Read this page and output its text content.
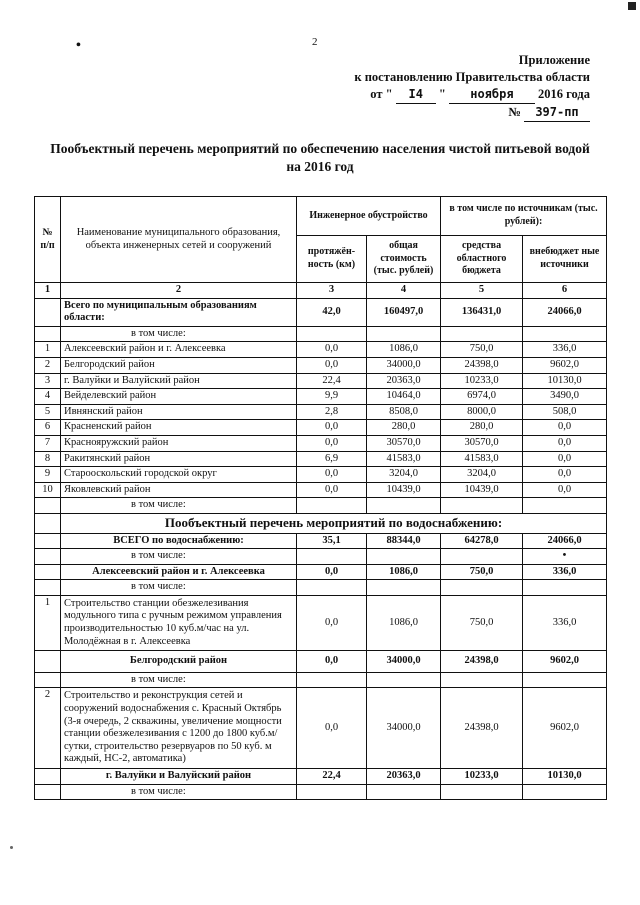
•	2
Приложение
к постановлению Правительства области
от " I4 " ноября 2016 года
№ 397-пп
Пообъектный перечень мероприятий по обеспечению населения чистой питьевой водой
на 2016 год
№ п/п	Наименование муниципального образования, объекта инженерных сетей и сооружений	Инженерное обустройство		в том числе по источникам (тыс. рублей):	
		протяжён- ность (км)	общая стоимость (тыс. рублей)	средства областного бюджета	внебюджет ные источники
1	2	3	4	5	6
	Всего по муниципальным образованиям области:	42,0	160497,0	136431,0	24066,0
	в том числе:				
1	Алексеевский район и г. Алексеевка	0,0	1086,0	750,0	336,0
2	Белгородский район	0,0	34000,0	24398,0	9602,0
3	г. Валуйки и Валуйский район	22,4	20363,0	10233,0	10130,0
4	Вейделевский район	9,9	10464,0	6974,0	3490,0
5	Ивнянский район	2,8	8508,0	8000,0	508,0
6	Красненский район	0,0	280,0	280,0	0,0
7	Краснояружский район	0,0	30570,0	30570,0	0,0
8	Ракитянский район	6,9	41583,0	41583,0	0,0
9	Старооскольский городской округ	0,0	3204,0	3204,0	0,0
10	Яковлевский район	0,0	10439,0	10439,0	0,0
	в том числе:				
	Пообъектный перечень мероприятий по водоснабжению:				
	ВСЕГО по водоснабжению:	35,1	88344,0	64278,0	24066,0
	в том числе:				•
	Алексеевский район и г. Алексеевка	0,0	1086,0	750,0	336,0
	в том числе:				
1	Строительство станции обезжелезивания модульного типа с ручным режимом управления производительностью 10 куб.м/час на ул. Молодёжная в г. Алексеевка	0,0	1086,0	750,0	336,0
	Белгородский район	0,0	34000,0	24398,0	9602,0
	в том числе:				
2	Строительство и реконструкция сетей и сооружений водоснабжения с. Красный Октябрь (3-я очередь, 2 скважины, увеличение мощности станции обезжелезивания с 1200 до 1800 куб.м/сутки, строительство резервуаров по 50 куб. м каждый, НС-2, автоматика)	0,0	34000,0	24398,0	9602,0
	г. Валуйки и Валуйский район	22,4	20363,0	10233,0	10130,0
	в том числе:				
